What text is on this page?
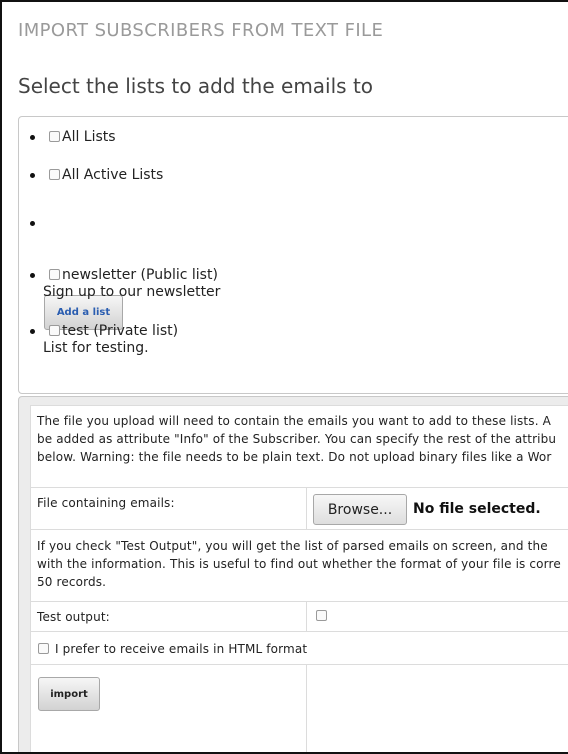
IMPORT SUBSCRIBERS FROM TEXT FILE
Select the lists to add the emails to
All Lists
All Active Lists
Add a list
newsletter (Public list)
Sign up to our newsletter
test (Private list)
List for testing.
The file you upload will need to contain the emails you want to add to these lists. A
be added as attribute "Info" of the Subscriber. You can specify the rest of the attribu
below. Warning: the file needs to be plain text. Do not upload binary files like a Wor
File containing emails:	Browse...	No file selected.
If you check "Test Output", you will get the list of parsed emails on screen, and the
with the information. This is useful to find out whether the format of your file is corre
50 records.
Test output:
I prefer to receive emails in HTML format
import
